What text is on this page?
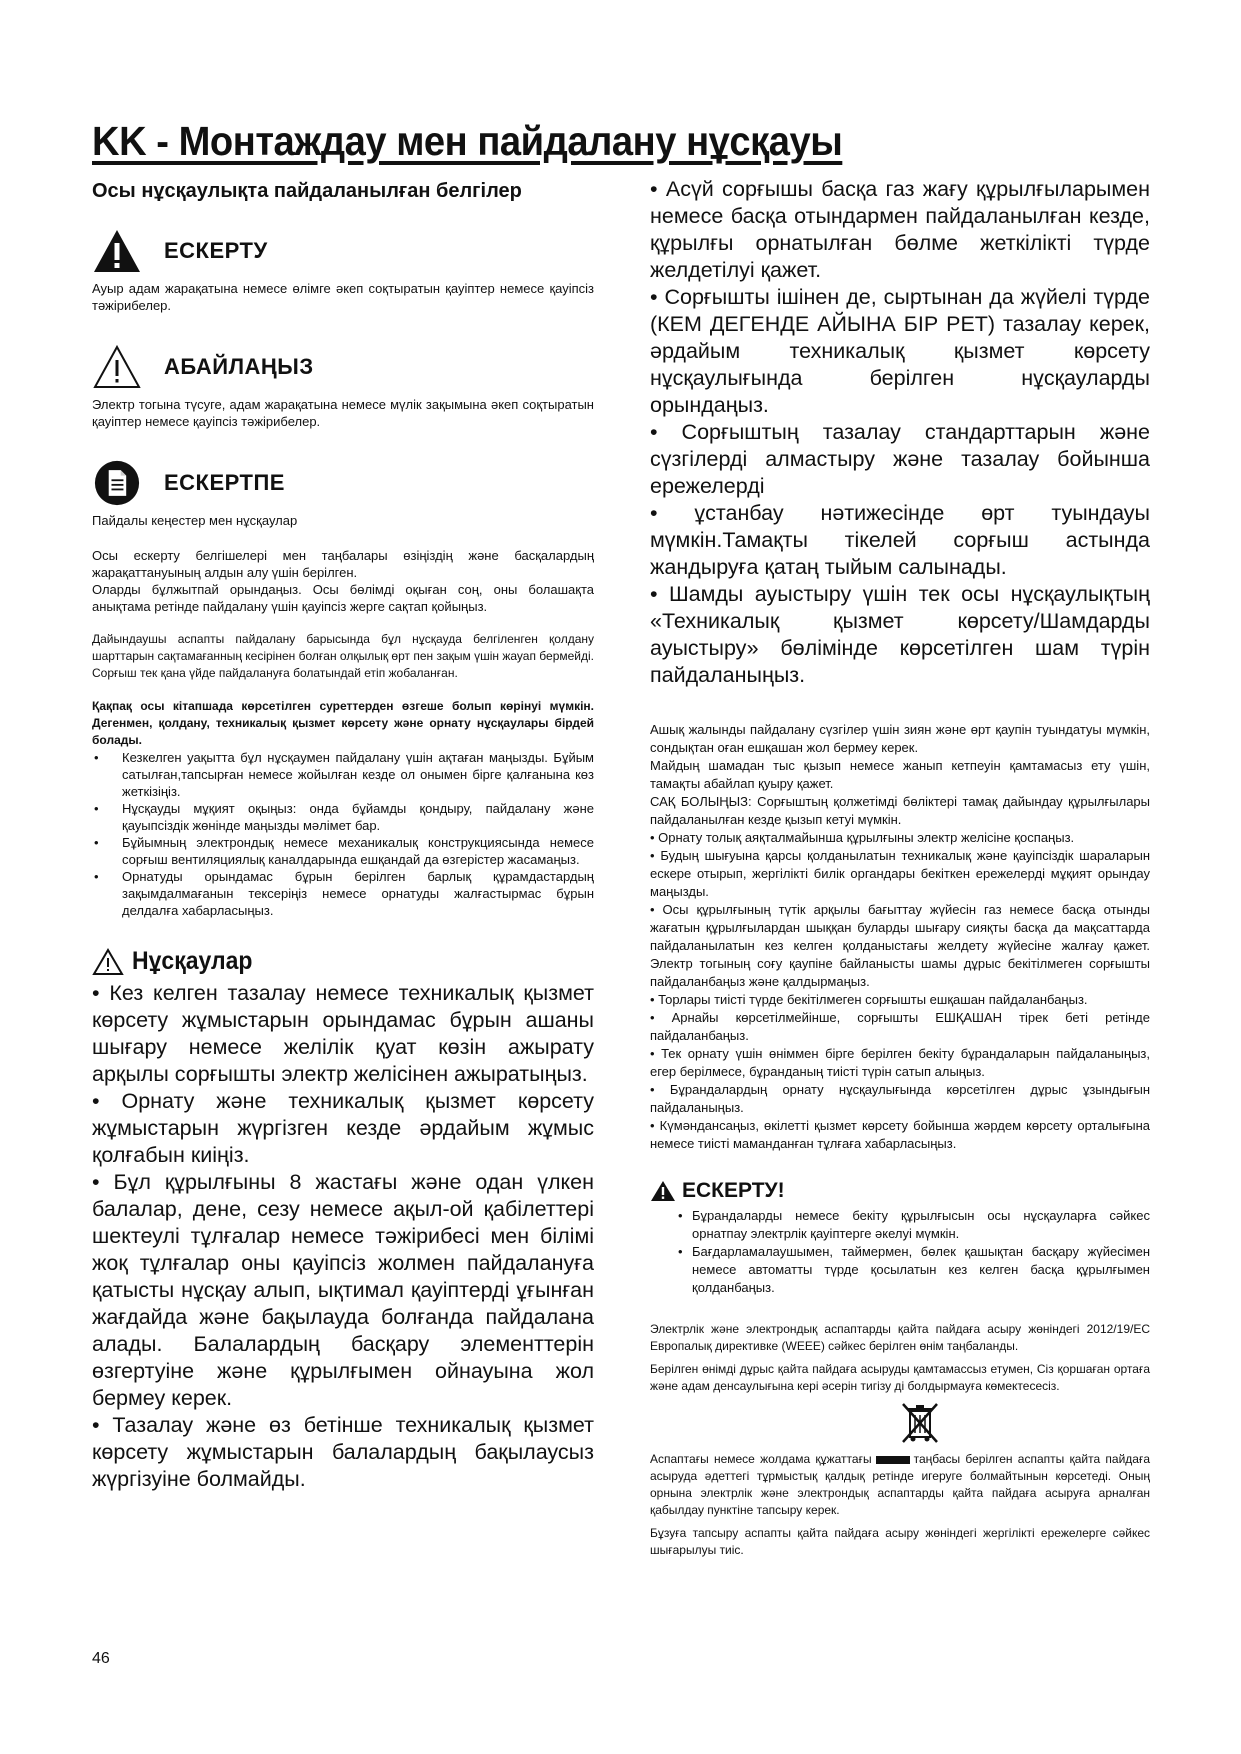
KK - Монтаждау мен пайдалану нұсқауы
Осы нұсқаулықта пайдаланылған белгілер
ЕСКЕРТУ

Ауыр адам жарақатына немесе өлімге әкеп соқтыратын қауіптер немесе қауіпсіз тәжірибелер.

АБАЙЛАҢЫЗ

Электр тогына түсуге, адам жарақатына немесе мүлік зақымына әкеп соқтыратын қауіптер немесе қауіпсіз тәжірибелер.

ЕСКЕРТПЕ

Пайдалы кеңестер мен нұсқаулар

Осы ескерту белгішелері мен таңбалары өзіңіздің және басқалардың жарақаттануының алдын алу үшін берілген.

Оларды бұлжытпай орындаңыз. Осы бөлімді оқыған соң, оны болашақта анықтама ретінде пайдалану үшін қауіпсіз жерге сақтап қойыңыз.

Дайындаушы аспапты пайдалану барысында бұл нұсқауда белгіленген қолдану шарттарын сақтамағанның кесірінен болған олқылық өрт пен зақым үшін жауап бермейді. Сорғыш тек қана үйде пайдалануға болатындай етіп жобаланған.

Қақпақ осы кітапшада көрсетілген суреттерден өзгеше болып көрінуі мүмкін. Дегенмен, қолдану, техникалық қызмет көрсету және орнату нұсқаулары бірдей болады.

• Кезкелген уақытта бұл нұсқаумен пайдалану үшін ақтаған маңызды. Бұйым сатылған,тапсырған немесе жойылған кезде ол онымен бірге қалғанына көз жеткізіңіз.
• Нұсқауды мұқият оқыңыз: онда бұйамды қондыру, пайдалану және қауыпсіздік жөнінде маңызды мәлімет бар.
• Бұйымның электрондық немесе механикалық конструкциясында немесе сорғыш вентиляциялық каналдарында ешқандай да өзгерістер жасамаңыз.
• Орнатуды орындамас бұрын берілген барлық құрамдастардың зақымдалмағанын тексеріңіз немесе орнатуды жалғастырмас бұрын делдалға хабарласыңыз.
Нұсқаулар

• Кез келген тазалау немесе техникалық қызмет көрсету жұмыстарын орындамас бұрын ашаны шығару немесе желілік қуат көзін ажырату арқылы сорғышты электр желісінен ажыратыңыз.

• Орнату және техникалық қызмет көрсету жұмыстарын жүргізген кезде әрдайым жұмыс қолғабын киіңіз.

• Бұл құрылғыны 8 жастағы және одан үлкен балалар, дене, сезу немесе ақыл-ой қабілеттері шектеулі тұлғалар немесе тәжірибесі мен білімі жоқ тұлғалар оны қауіпсіз жолмен пайдалануға қатысты нұсқау алып, ықтимал қауіптерді ұғынған жағдайда және бақылауда болғанда пайдалана алады. Балалардың басқару элементтерін өзгертуіне және құрылғымен ойнауына жол бермеу керек.

• Тазалау және өз бетінше техникалық қызмет көрсету жұмыстарын балалардың бақылаусыз жүргізуіне болмайды.

• Асүй сорғышы басқа газ жағу құрылғыларымен немесе басқа отындармен пайдаланылған кезде, құрылғы орнатылған бөлме жеткілікті түрде желдетілуі қажет.

• Сорғышты ішінен де, сыртынан да жүйелі түрде (КЕМ ДЕГЕНДЕ АЙЫНА БІР РЕТ) тазалау керек, әрдайым техникалық қызмет көрсету нұсқаулығында берілген нұсқауларды орындаңыз.

• Сорғыштың тазалау стандарттарын және сүзгілерді алмастыру және тазалау бойынша ережелерді

• ұстанбау нәтижесінде өрт туындауы мүмкін.Тамақты тікелей сорғыш астында жандыруға қатаң тыйым салынады.

• Шамды ауыстыру үшін тек осы нұсқаулықтың «Техникалық қызмет көрсету/Шамдарды ауыстыру» бөлімінде көрсетілген шам түрін пайдаланыңыз.

Ашық жалынды пайдалану сүзгілер үшін зиян және өрт қаупін туындатуы мүмкін, сондықтан оған ешқашан жол бермеу керек.

Майдың шамадан тыс қызып немесе жанып кетпеуін қамтамасыз ету үшін, тамақты абайлап қуыру қажет.

САҚ БОЛЫҢЫЗ: Сорғыштың қолжетімді бөліктері тамақ дайындау құрылғылары пайдаланылған кезде қызып кетуі мүмкін.

• Орнату толық аяқталмайынша құрылғыны электр желісіне қоспаңыз.

• Будың шығуына қарсы қолданылатын техникалық және қауіпсіздік шараларын ескере отырып, жергілікті билік органдары бекіткен ережелерді мұқият орындау маңызды.

• Осы құрылғының түтік арқылы бағыттау жүйесін газ немесе басқа отынды жағатын құрылғылардан шыққан буларды шығару сияқты басқа да мақсаттарда пайдаланылатын кез келген қолданыстағы желдету жүйесіне жалғау қажет. Электр тогының соғу қаупіне байланысты шамы дұрыс бекітілмеген сорғышты пайдаланбаңыз және қалдырмаңыз.

• Торлары тиісті түрде бекітілмеген сорғышты ешқашан пайдаланбаңыз.

• Арнайы көрсетілмейінше, сорғышты ЕШҚАШАН тірек беті ретінде пайдаланбаңыз.

• Тек орнату үшін өніммен бірге берілген бекіту бұрандаларын пайдаланыңыз, егер берілмесе, бұранданың тиісті түрін сатып алыңыз.

• Бұрандалардың орнату нұсқаулығында көрсетілген дұрыс ұзындығын пайдаланыңыз.

• Күмәндансаңыз, өкілетті қызмет көрсету бойынша жәрдем көрсету орталығына немесе тиісті маманданған тұлғаға хабарласыңыз.

ЕСКЕРТУ!
• Бұрандаларды немесе бекіту құрылғысын осы нұсқауларға сәйкес орнатпау электрлік қауіптерге әкелуі мүмкін.
• Бағдарламалаушымен, таймермен, бөлек қашықтан басқару жүйесімен немесе автоматты түрде қосылатын кез келген басқа құрылғымен қолданбаңыз.

Электрлік және электрондық аспаптарды қайта пайдаға асыру жөніндегі 2012/19/EC Европалық директивке (WEEE) сәйкес берілген өнім таңбаланды.

Берілген өнімді дұрыс қайта пайдаға асыруды қамтамассыз етумен, Сіз қоршаған ортаға және адам денсаулығына кері әсерін тигізу ді болдырмауға көмектесесіз.

Аспаптағы немесе жолдама құжаттағы	таңбасы берілген аспапты қайта пайдаға асыруда әдеттегі тұрмыстық қалдық ретінде игеруге болмайтынын көрсетеді. Оның орнына электрлік және электрондық аспаптарды қайта пайдаға асыруға арналған қабылдау пунктіне тапсыру керек.

Бұзуға тапсыру аспапты қайта пайдаға асыру жөніндегі жергілікті ережелерге сәйкес шығарылуы тиіс.

46
